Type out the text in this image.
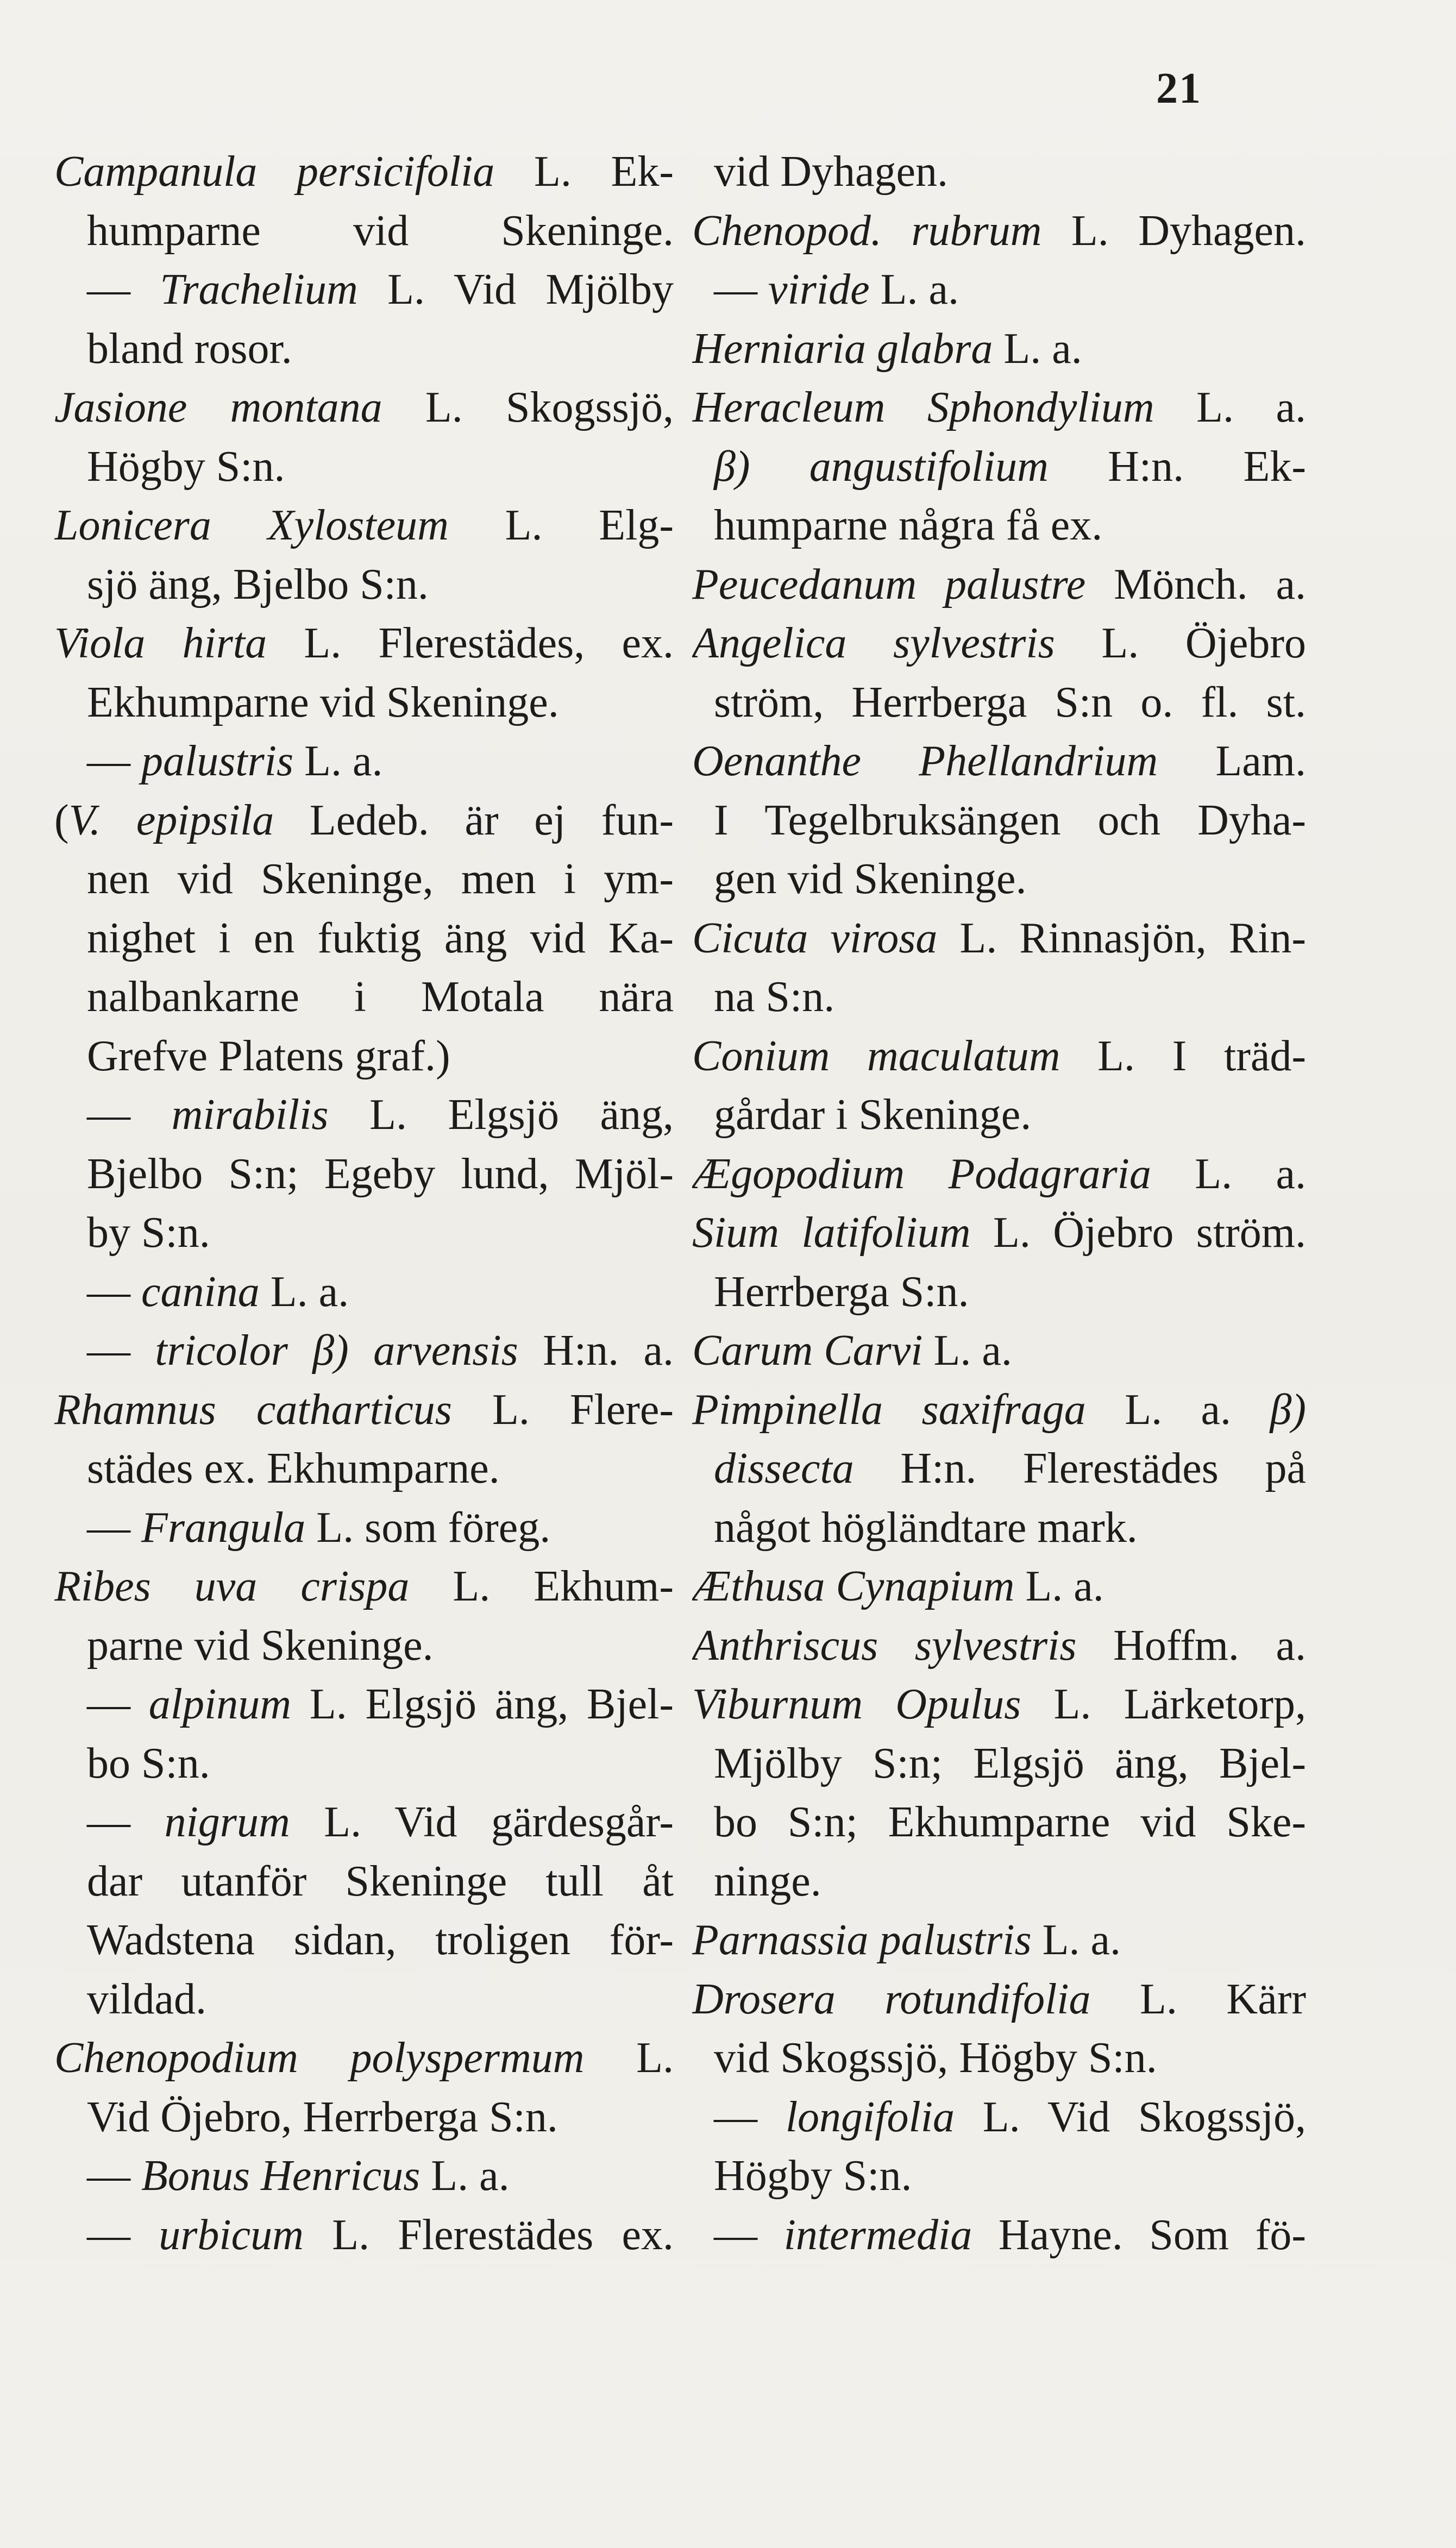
21
Campanula persicifolia L. Ek-
humparne vid Skeninge.
— Trachelium L. Vid Mjölby
bland rosor.
Jasione montana L. Skogssjö,
Högby S:n.
Lonicera Xylosteum L. Elg-
sjö äng, Bjelbo S:n.
Viola hirta L. Flerestädes, ex.
Ekhumparne vid Skeninge.
— palustris L. a.
(V. epipsila Ledeb. är ej fun-
nen vid Skeninge, men i ym-
nighet i en fuktig äng vid Ka-
nalbankarne i Motala nära
Grefve Platens graf.)
— mirabilis L. Elgsjö äng,
Bjelbo S:n; Egeby lund, Mjöl-
by S:n.
— canina L. a.
— tricolor β) arvensis H:n. a.
Rhamnus catharticus L. Flere-
städes ex. Ekhumparne.
— Frangula L. som föreg.
Ribes uva crispa L. Ekhum-
parne vid Skeninge.
— alpinum L. Elgsjö äng, Bjel-
bo S:n.
— nigrum L. Vid gärdesgår-
dar utanför Skeninge tull åt
Wadstena sidan, troligen för-
vildad.
Chenopodium polyspermum L.
Vid Öjebro, Herrberga S:n.
— Bonus Henricus L. a.
— urbicum L. Flerestädes ex.
vid Dyhagen.
Chenopod. rubrum L. Dyhagen.
— viride L. a.
Herniaria glabra L. a.
Heracleum Sphondylium L. a.
β) angustifolium H:n. Ek-
humparne några få ex.
Peucedanum palustre Mönch. a.
Angelica sylvestris L. Öjebro
ström, Herrberga S:n o. fl. st.
Oenanthe Phellandrium Lam.
I Tegelbruksängen och Dyha-
gen vid Skeninge.
Cicuta virosa L. Rinnasjön, Rin-
na S:n.
Conium maculatum L. I träd-
gårdar i Skeninge.
Ægopodium Podagraria L. a.
Sium latifolium L. Öjebro ström.
Herrberga S:n.
Carum Carvi L. a.
Pimpinella saxifraga L. a. β)
dissecta H:n. Flerestädes på
något högländtare mark.
Æthusa Cynapium L. a.
Anthriscus sylvestris Hoffm. a.
Viburnum Opulus L. Lärketorp,
Mjölby S:n; Elgsjö äng, Bjel-
bo S:n; Ekhumparne vid Ske-
ninge.
Parnassia palustris L. a.
Drosera rotundifolia L. Kärr
vid Skogssjö, Högby S:n.
— longifolia L. Vid Skogssjö,
Högby S:n.
— intermedia Hayne. Som fö-
